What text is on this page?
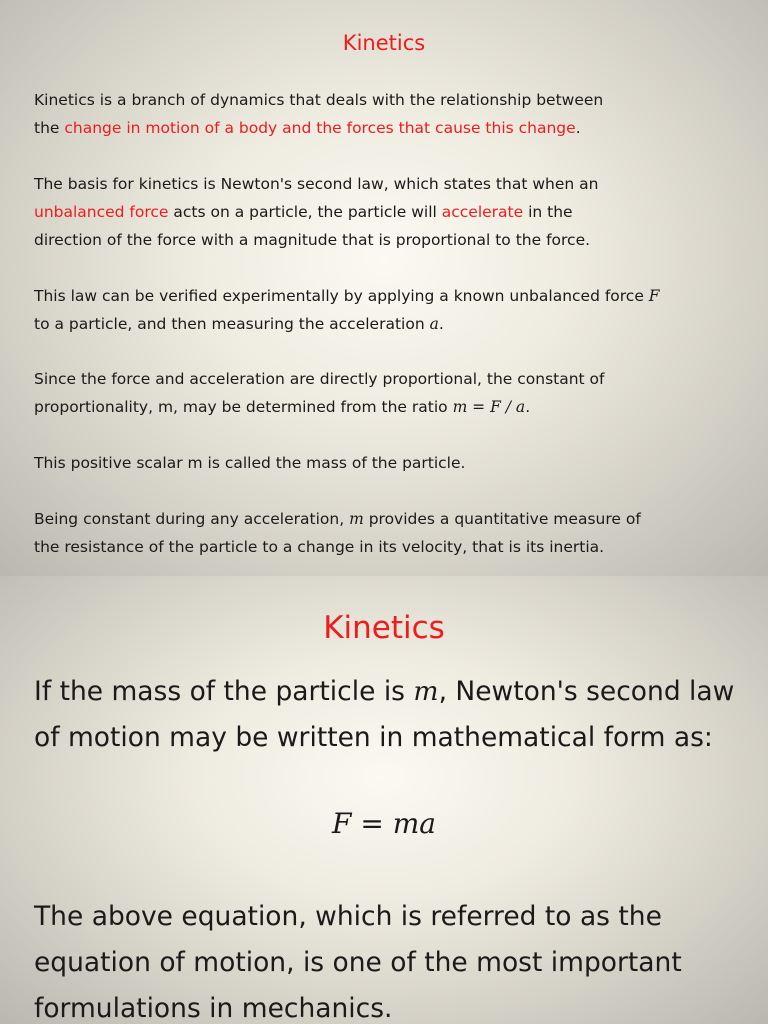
Kinetics

Kinetics is a branch of dynamics that deals with the relationship between
the change in motion of a body and the forces that cause this change.

The basis for kinetics is Newton's second law, which states that when an
unbalanced force acts on a particle, the particle will accelerate in the
direction of the force with a magnitude that is proportional to the force.

This law can be verified experimentally by applying a known unbalanced force F
to a particle, and then measuring the acceleration a.

Since the force and acceleration are directly proportional, the constant of
proportionality, m, may be determined from the ratio m = F / a.

This positive scalar m is called the mass of the particle.

Being constant during any acceleration, m provides a quantitative measure of
the resistance of the particle to a change in its velocity, that is its inertia.

Kinetics

If the mass of the particle is m, Newton's second law
of motion may be written in mathematical form as:

F = ma

The above equation, which is referred to as the
equation of motion, is one of the most important
formulations in mechanics.
